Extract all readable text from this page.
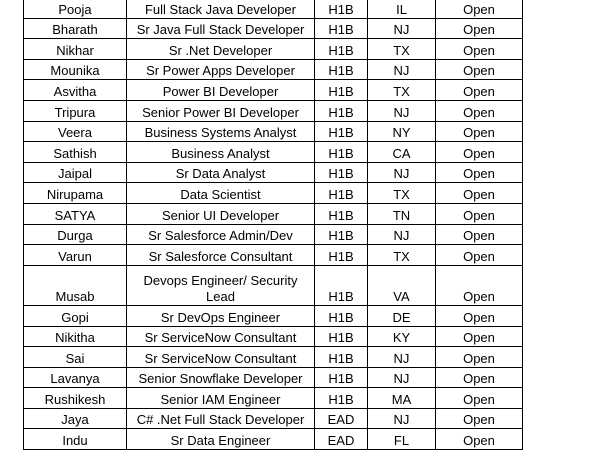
Pooja	Full Stack Java Developer	H1B	IL	Open
Bharath	Sr Java Full Stack Developer	H1B	NJ	Open
Nikhar	Sr .Net Developer	H1B	TX	Open
Mounika	Sr Power Apps Developer	H1B	NJ	Open
Asvitha	Power BI Developer	H1B	TX	Open
Tripura	Senior Power BI Developer	H1B	NJ	Open
Veera	Business Systems Analyst	H1B	NY	Open
Sathish	Business Analyst	H1B	CA	Open
Jaipal	Sr Data Analyst	H1B	NJ	Open
Nirupama	Data Scientist	H1B	TX	Open
SATYA	Senior UI Developer	H1B	TN	Open
Durga	Sr Salesforce Admin/Dev	H1B	NJ	Open
Varun	Sr Salesforce Consultant	H1B	TX	Open
Musab	Devops Engineer/ Security Lead	H1B	VA	Open
Gopi	Sr DevOps Engineer	H1B	DE	Open
Nikitha	Sr ServiceNow Consultant	H1B	KY	Open
Sai	Sr ServiceNow Consultant	H1B	NJ	Open
Lavanya	Senior Snowflake Developer	H1B	NJ	Open
Rushikesh	Senior IAM Engineer	H1B	MA	Open
Jaya	C# .Net Full Stack Developer	EAD	NJ	Open
Indu	Sr Data Engineer	EAD	FL	Open
